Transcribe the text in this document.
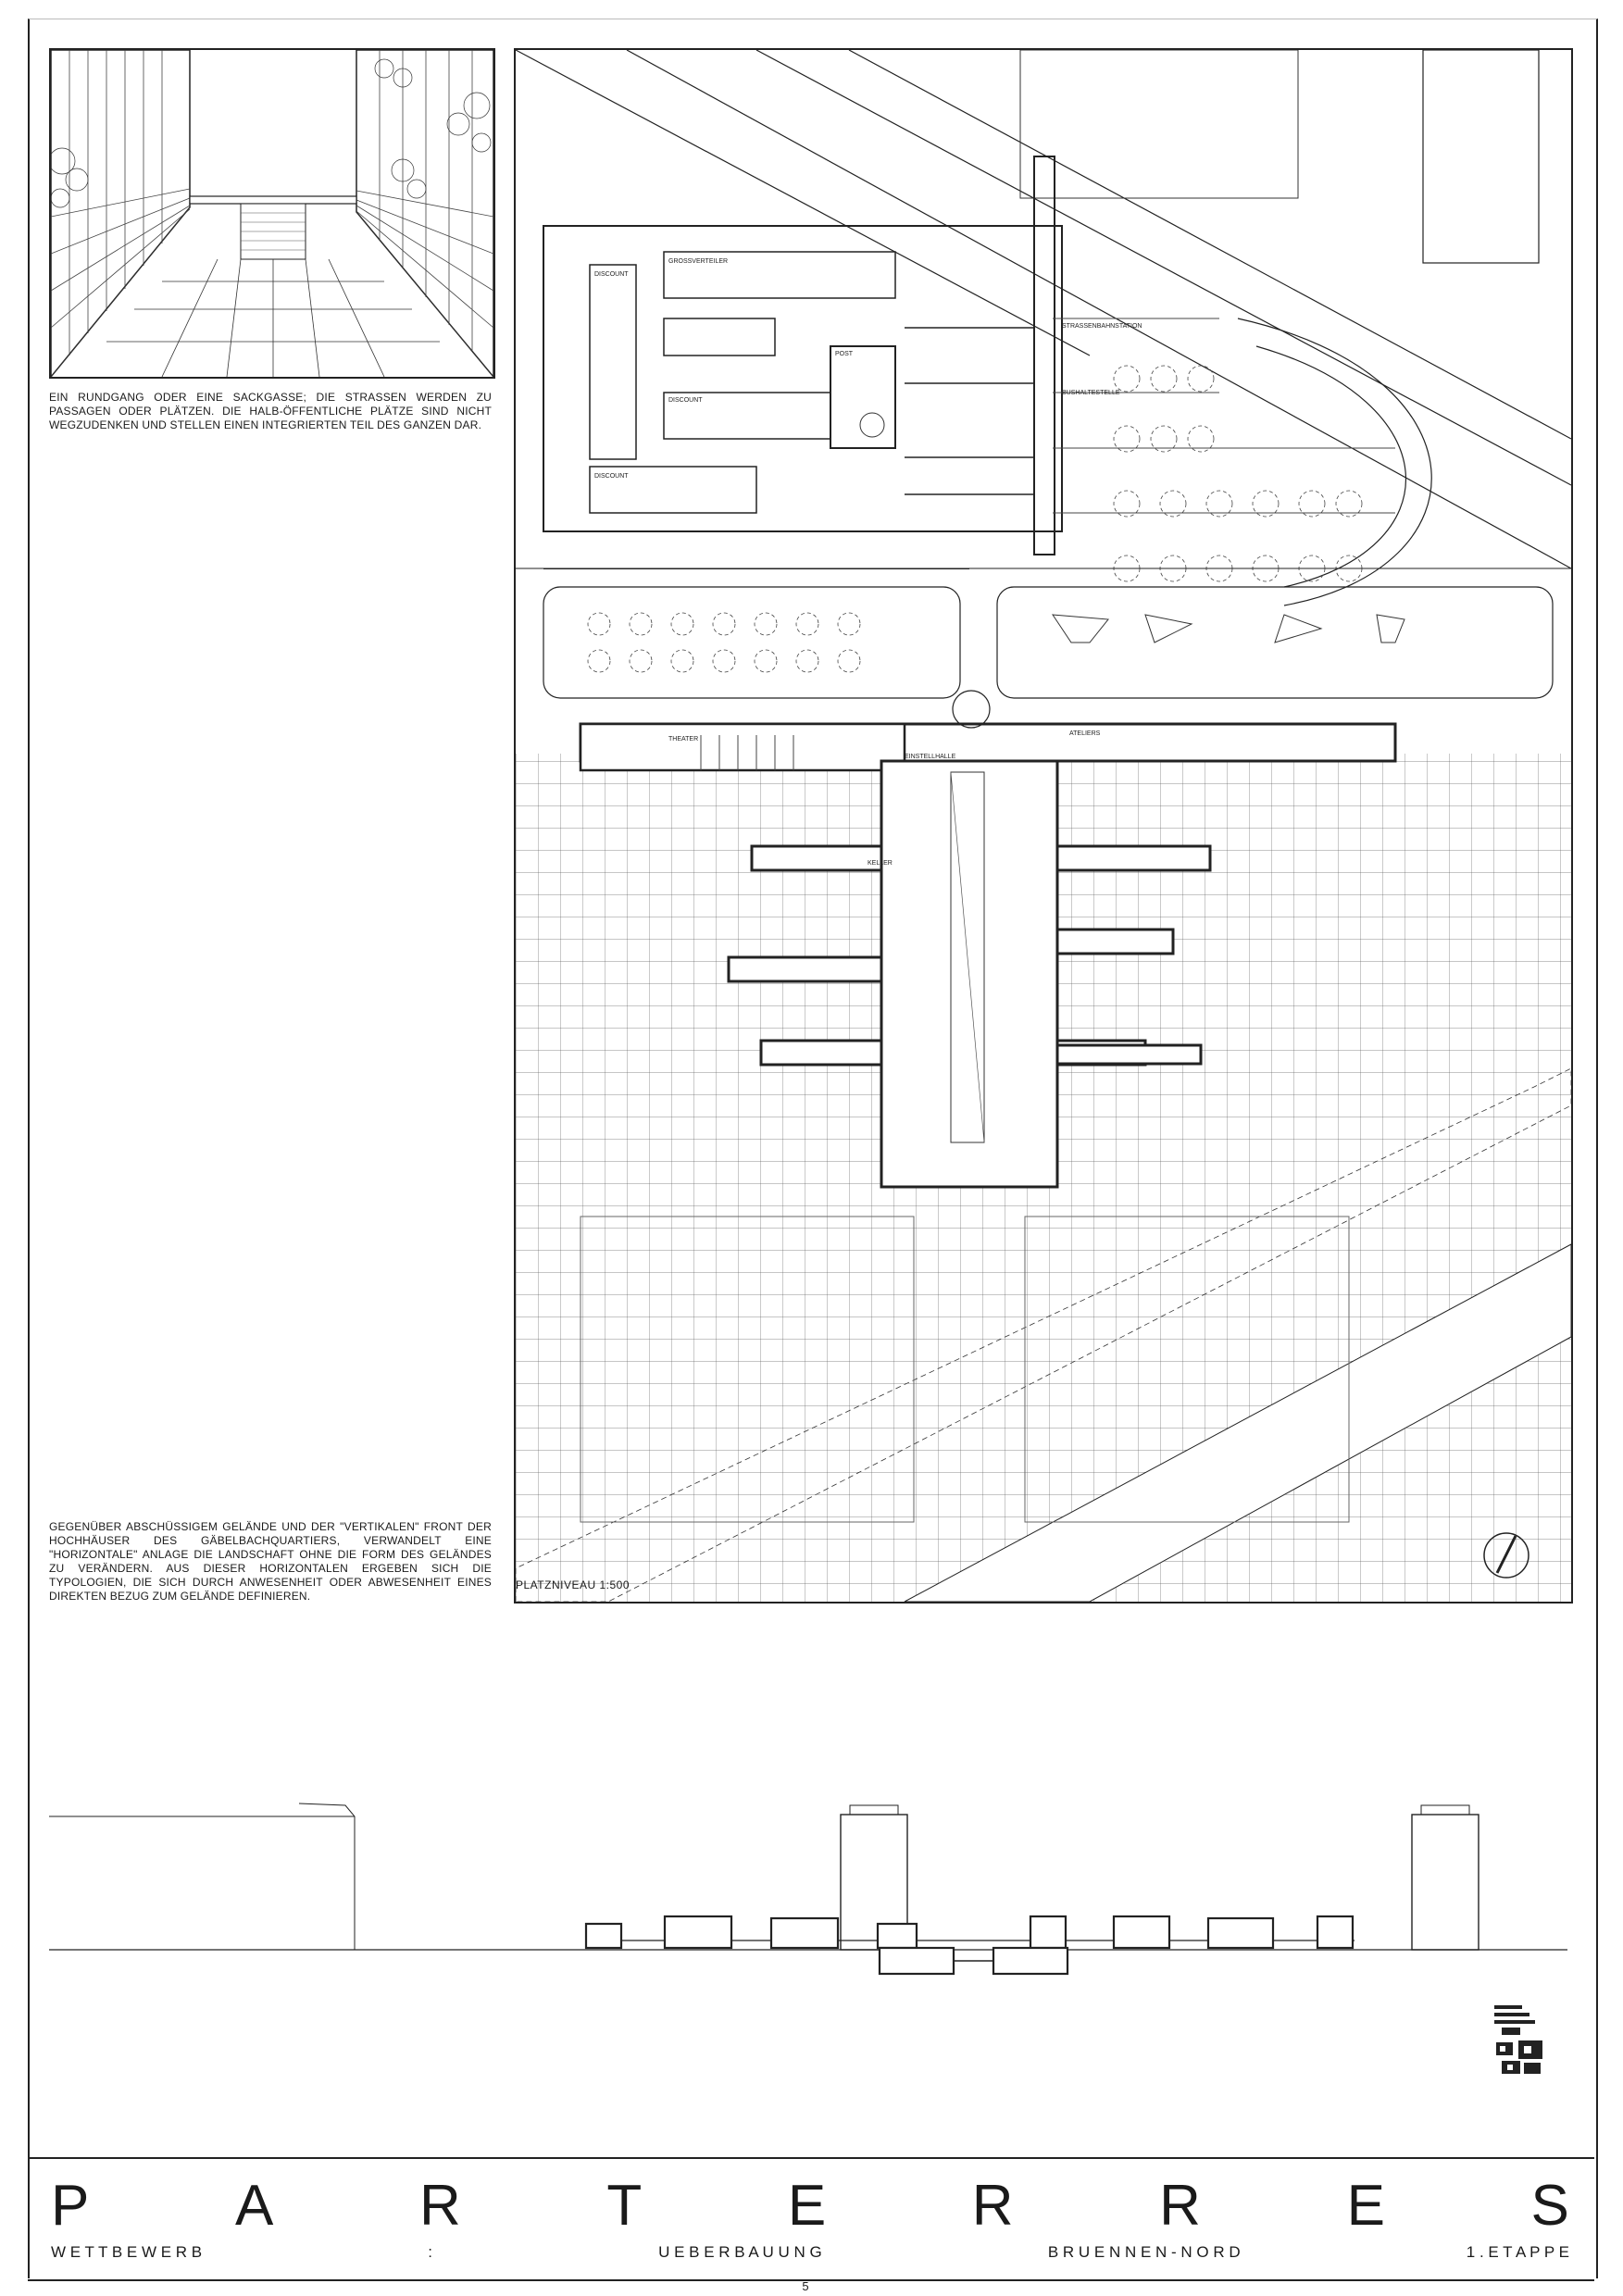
EIN RUNDGANG ODER EINE SACKGASSE; DIE STRASSEN WERDEN ZU PASSAGEN ODER PLÄTZEN. DIE HALB-ÖFFENTLICHE PLÄTZE SIND NICHT WEGZUDENKEN UND STELLEN EINEN INTEGRIERTEN TEIL DES GANZEN DAR.
GEGENÜBER ABSCHÜSSIGEM GELÄNDE UND DER "VERTIKALEN" FRONT DER HOCHHÄUSER DES GÄBELBACHQUARTIERS, VERWANDELT EINE "HORIZONTALE" ANLAGE DIE LANDSCHAFT OHNE DIE FORM DES GELÄNDES ZU VERÄNDERN. AUS DIESER HORIZONTALEN ERGEBEN SICH DIE TYPOLOGIEN, DIE SICH DURCH ANWESENHEIT ODER ABWESENHEIT EINES DIREKTEN BEZUG ZUM GELÄNDE DEFINIEREN.
GROSSVERTEILER
DISCOUNT
DISCOUNT
DISCOUNT
POST
STRASSENBAHNSTATION
BUSHALTESTELLE
THEATER
ATELIERS
EINSTELLHALLE
KELLER
PLATZNIVEAU 1:500
P	A	R	T	E	R	R	E	S
W E T T B E W E R B	:	U E B E R B A U U N G	B R U E N N E N - N O R D	1 . E T A P P E
5
